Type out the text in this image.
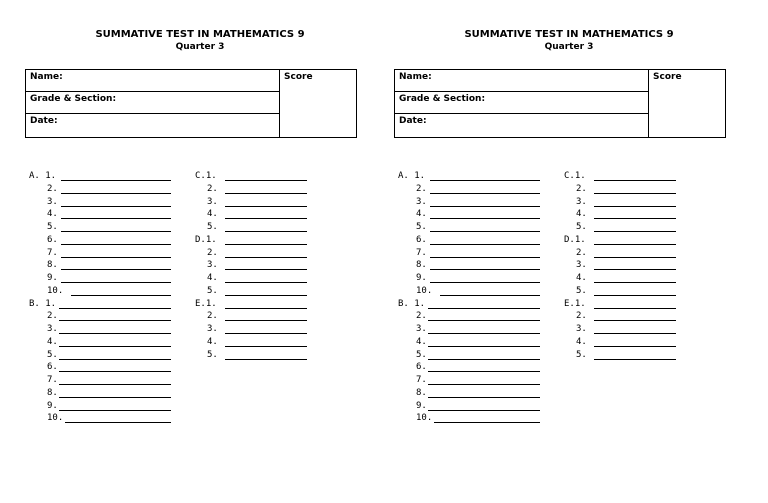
SUMMATIVE TEST IN MATHEMATICS 9
Quarter 3
Name:
Grade & Section:
Date:
Score
A. 1.
2.
3.
4.
5.
6.
7.
8.
9.
10.
B. 1.
2.
3.
4.
5.
6.
7.
8.
9.
10.
C.1.
2.
3.
4.
5.
D.1.
2.
3.
4.
5.
E.1.
2.
3.
4.
5.
SUMMATIVE TEST IN MATHEMATICS 9
Quarter 3
Name:
Grade & Section:
Date:
Score
A. 1.
2.
3.
4.
5.
6.
7.
8.
9.
10.
B. 1.
2.
3.
4.
5.
6.
7.
8.
9.
10.
C.1.
2.
3.
4.
5.
D.1.
2.
3.
4.
5.
E.1.
2.
3.
4.
5.
